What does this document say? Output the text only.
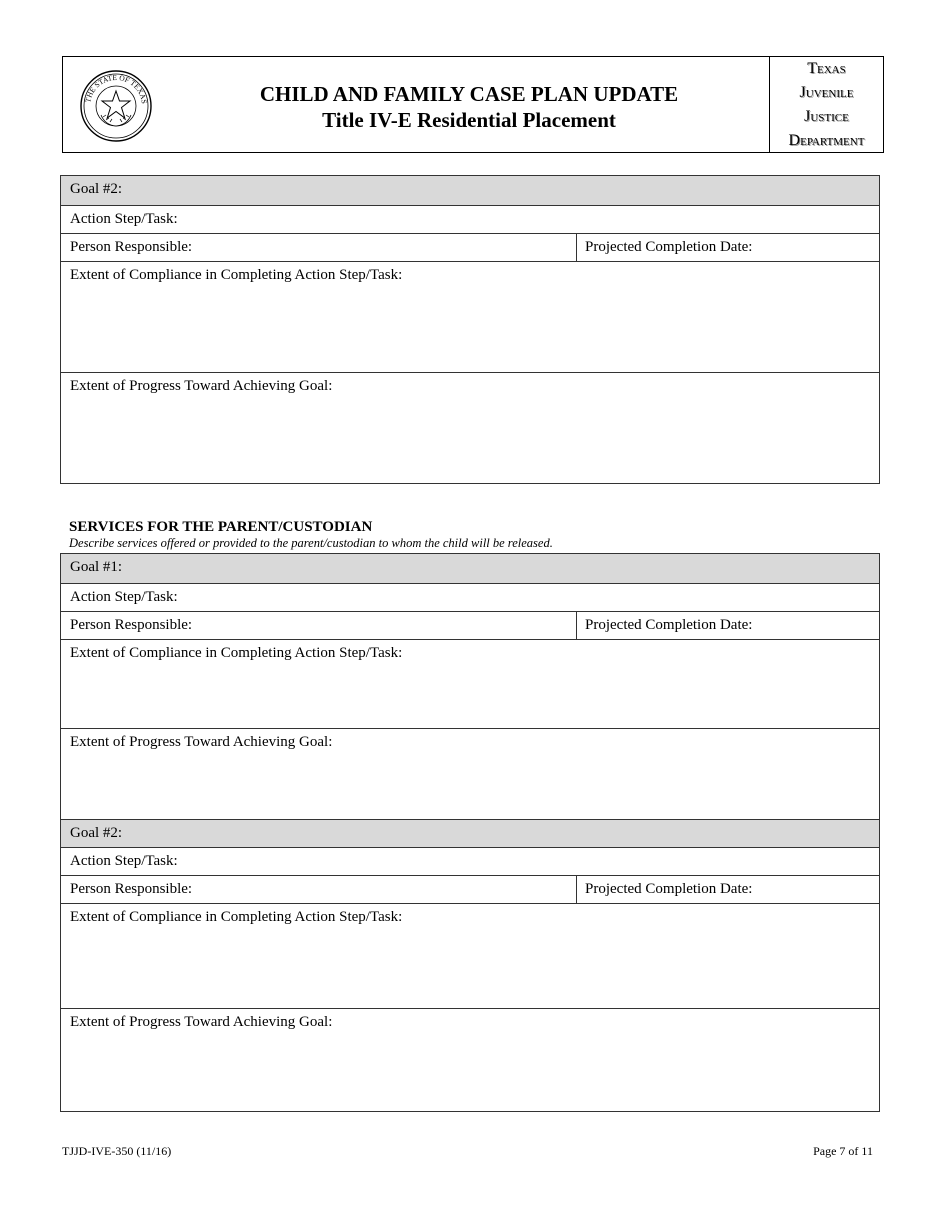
THE STATE OF TEXAS	CHILD AND FAMILY CASE PLAN UPDATE
Title IV-E Residential Placement
Texas
Juvenile
Justice
Department
Goal #2:
Action Step/Task:
Person Responsible:	Projected Completion Date:
Extent of Compliance in Completing Action Step/Task:
Extent of Progress Toward Achieving Goal:
SERVICES FOR THE PARENT/CUSTODIAN
Describe services offered or provided to the parent/custodian to whom the child will be released.
Goal #1:
Action Step/Task:
Person Responsible:	Projected Completion Date:
Extent of Compliance in Completing Action Step/Task:
Extent of Progress Toward Achieving Goal:
Goal #2:
Action Step/Task:
Person Responsible:	Projected Completion Date:
Extent of Compliance in Completing Action Step/Task:
Extent of Progress Toward Achieving Goal:
TJJD-IVE-350 (11/16)	Page 7 of 11
